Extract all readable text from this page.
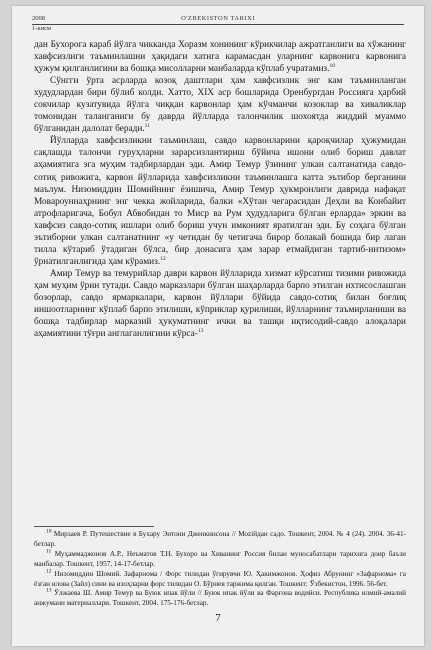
2008	O'ZBEKISTON TARIXI
1-кисм

дан Бухорога караб йўлга чикканда Хоразм хонининг кўрикчилар ажратганлиги ва хўжанинг хавфсизлиги таъминлашни ҳақидаги хатига карамасдан уларнинг карвонига карвонига ҳужум қилганлигини ва бошқа мисолларни манбаларда кўплаб учратамиз.$^{10}$

Сўнгги ўрта асрларда козоқ даштлари ҳам хавфсизлик энг кам таъминланган худудлардан бири бўлиб колди. Хатто, XIX аср бошларида Оренбургдан Россияга ҳарбий сокчилар кузатувида йўлга чиққан карвонлар ҳам кўчманчи козоклар ва хиваликлар томонидан таланганиги бу даврда йўлларда талончилик шохоятда жиддий муаммо бўлганидан далолат беради.$^{11}$

Йўлларда хавфсизликни таъминлаш, савдо карвонларини қароқчилар ҳужумидан сақлашда талончи гуруҳларни зарарсизлантириш бўйича ишони олиб бориш давлат аҳамиятига эга муҳим тадбирлардан эди. Амир Темур ўзининг улкан салтанатида савдо-сотиқ ривожига, карвон йўлларида хавфсизликни таъминлашга катта эътибор берганини маълум. Низомиддин Шомийнинг ёзишича, Амир Темур ҳукмронлиги даврида нафақат Мовароуннаҳрнинг энг чекка жойларида, балки «Хўтан чегарасидан Деҳли ва Конбайит атрофларигача, Бобул Абвобидан то Миср ва Рум ҳудудларига бўлган ерларда» эркин ва хавфсиз савдо-сотиқ ишлари олиб бориш учун имконият яратилган эди. Бу соҳага бўлган эътиборни улкан салтанатнинг «у четидан бу четигача бирор болакай бошида бир лаган тилла кўтариб ўтадиган бўлса, бир донасига ҳам зарар етмайдиган тартиб-интизом» ўрнатилганлигида ҳам кўрамиз.$^{12}$

Амир Темур ва темурийлар даври карвон йўлларида хизмат кўрсатиш тизими ривожида ҳам муҳим ўрин тутади. Савдо марказлари бўлган шаҳарларда барпо этилган ихтисослашган бозорлар, савдо ярмаркалари, карвон йўллари бўйида савдо-сотиқ билан боғлиқ иншоотларнинг кўплаб барпо этилиши, кўприклар қурилиши, йўлларнинг таъмирланиши ва бошқа тадбирлар марказий ҳукуматнинг ички ва ташқи иқтисодий-савдо алоқалари аҳамиятини тўғри англаганлигини кўрса-$^{13}$

$^{10}$ Мирзаев Р. Путешествие в Бухару Энтони Дженкинсона // Моziйдан садо. Тошкент, 2004. № 4 (24). 2004. 36-41-бетлар.

$^{11}$ Муҳаммаджонов А.Р., Неъматов Т.Н. Бухоро ва Хиванинг Россия билан муносабатлари тарихига доир баъзи манбалар. Тошкент, 1957, 14-17-бетлар.

$^{12}$ Низомиддин Шомий. Зафарнома / Форс тилидан ўгирувчи Ю. Ҳакимжонов. Ҳофиз Абрунинг «Зафарнома» га ёзган илова (Зайл) сини ва изоҳларни форс тилидан О. Бўриев таржима қилган. Тошкент: Ўзбекистон, 1996. 56-бет.

$^{13}$ Ўлжаева Ш. Амир Темур ва Буюк ипак йўли // Буюк ипак йўли ва Фарғона водийси. Республика илмий-амалий анжумани материаллари. Тошкент, 2004. 175-176-бетлар.

7
